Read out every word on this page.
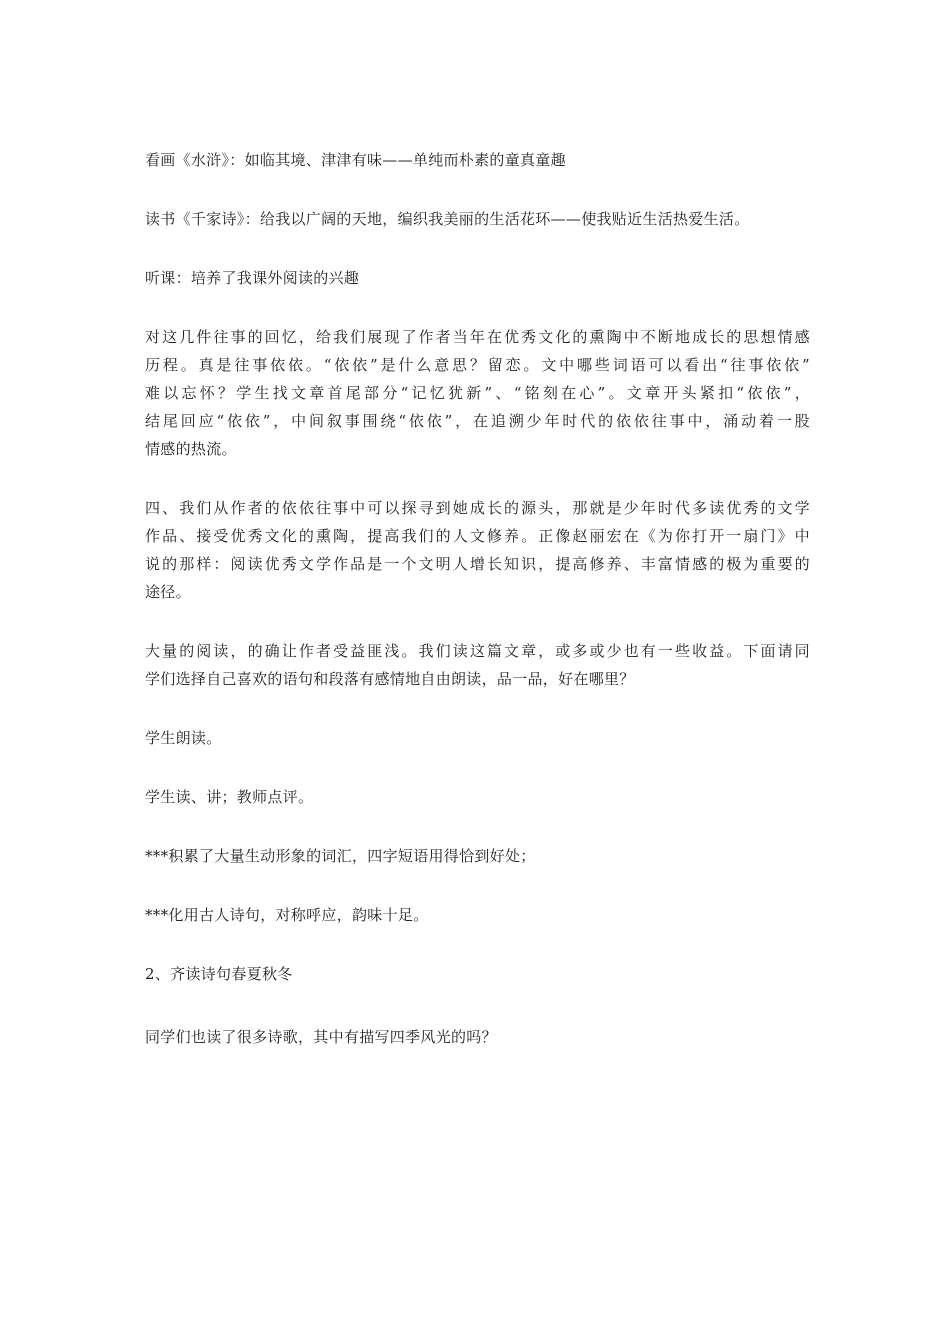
看画《水浒》：如临其境、津津有味——单纯而朴素的童真童趣

读书《千家诗》：给我以广阔的天地，编织我美丽的生活花环——使我贴近生活热爱生活。

听课：培养了我课外阅读的兴趣

对这几件往事的回忆，给我们展现了作者当年在优秀文化的熏陶中不断地成长的思想情感
历程。真是往事依依。“依依”是什么意思？留恋。文中哪些词语可以看出“往事依依”
难以忘怀？学生找文章首尾部分“记忆犹新”、“铭刻在心”。文章开头紧扣“依依”，
结尾回应“依依”，中间叙事围绕“依依”，在追溯少年时代的依依往事中，涌动着一股
情感的热流。

四、我们从作者的依依往事中可以探寻到她成长的源头，那就是少年时代多读优秀的文学
作品、接受优秀文化的熏陶，提高我们的人文修养。正像赵丽宏在《为你打开一扇门》中
说的那样：阅读优秀文学作品是一个文明人增长知识，提高修养、丰富情感的极为重要的
途径。

大量的阅读，的确让作者受益匪浅。我们读这篇文章，或多或少也有一些收益。下面请同
学们选择自己喜欢的语句和段落有感情地自由朗读，品一品，好在哪里？

学生朗读。

学生读、讲；教师点评。

***积累了大量生动形象的词汇，四字短语用得恰到好处；

***化用古人诗句，对称呼应，韵味十足。

2、齐读诗句春夏秋冬

同学们也读了很多诗歌，其中有描写四季风光的吗？
